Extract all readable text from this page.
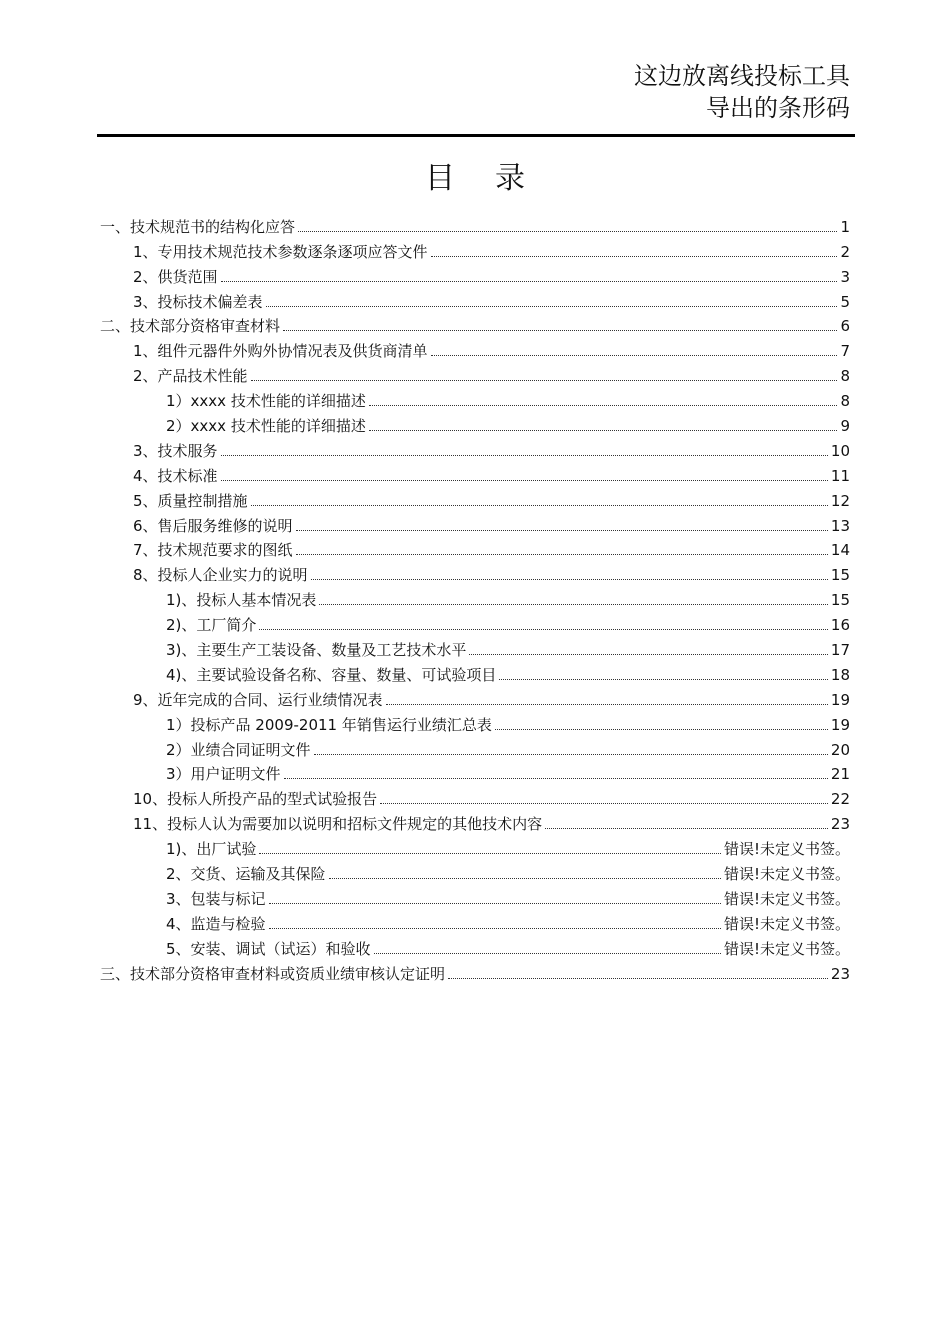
这边放离线投标工具
导出的条形码
目录
一、技术规范书的结构化应答	1
1、专用技术规范技术参数逐条逐项应答文件	2
2、供货范围	3
3、投标技术偏差表	5
二、技术部分资格审查材料	6
1、组件元器件外购外协情况表及供货商清单	7
2、产品技术性能	8
1）xxxx 技术性能的详细描述	8
2）xxxx 技术性能的详细描述	9
3、技术服务	10
4、技术标准	11
5、质量控制措施	12
6、售后服务维修的说明	13
7、技术规范要求的图纸	14
8、投标人企业实力的说明	15
1)、投标人基本情况表	15
2)、工厂简介	16
3)、主要生产工装设备、数量及工艺技术水平	17
4)、主要试验设备名称、容量、数量、可试验项目	18
9、近年完成的合同、运行业绩情况表	19
1）投标产品 2009-2011 年销售运行业绩汇总表	19
2）业绩合同证明文件	20
3）用户证明文件	21
10、投标人所投产品的型式试验报告	22
11、投标人认为需要加以说明和招标文件规定的其他技术内容	23
1)、出厂试验	错误!未定义书签。
2、交货、运输及其保险	错误!未定义书签。
3、包装与标记	错误!未定义书签。
4、监造与检验	错误!未定义书签。
5、安装、调试（试运）和验收	错误!未定义书签。
三、技术部分资格审查材料或资质业绩审核认定证明	23
